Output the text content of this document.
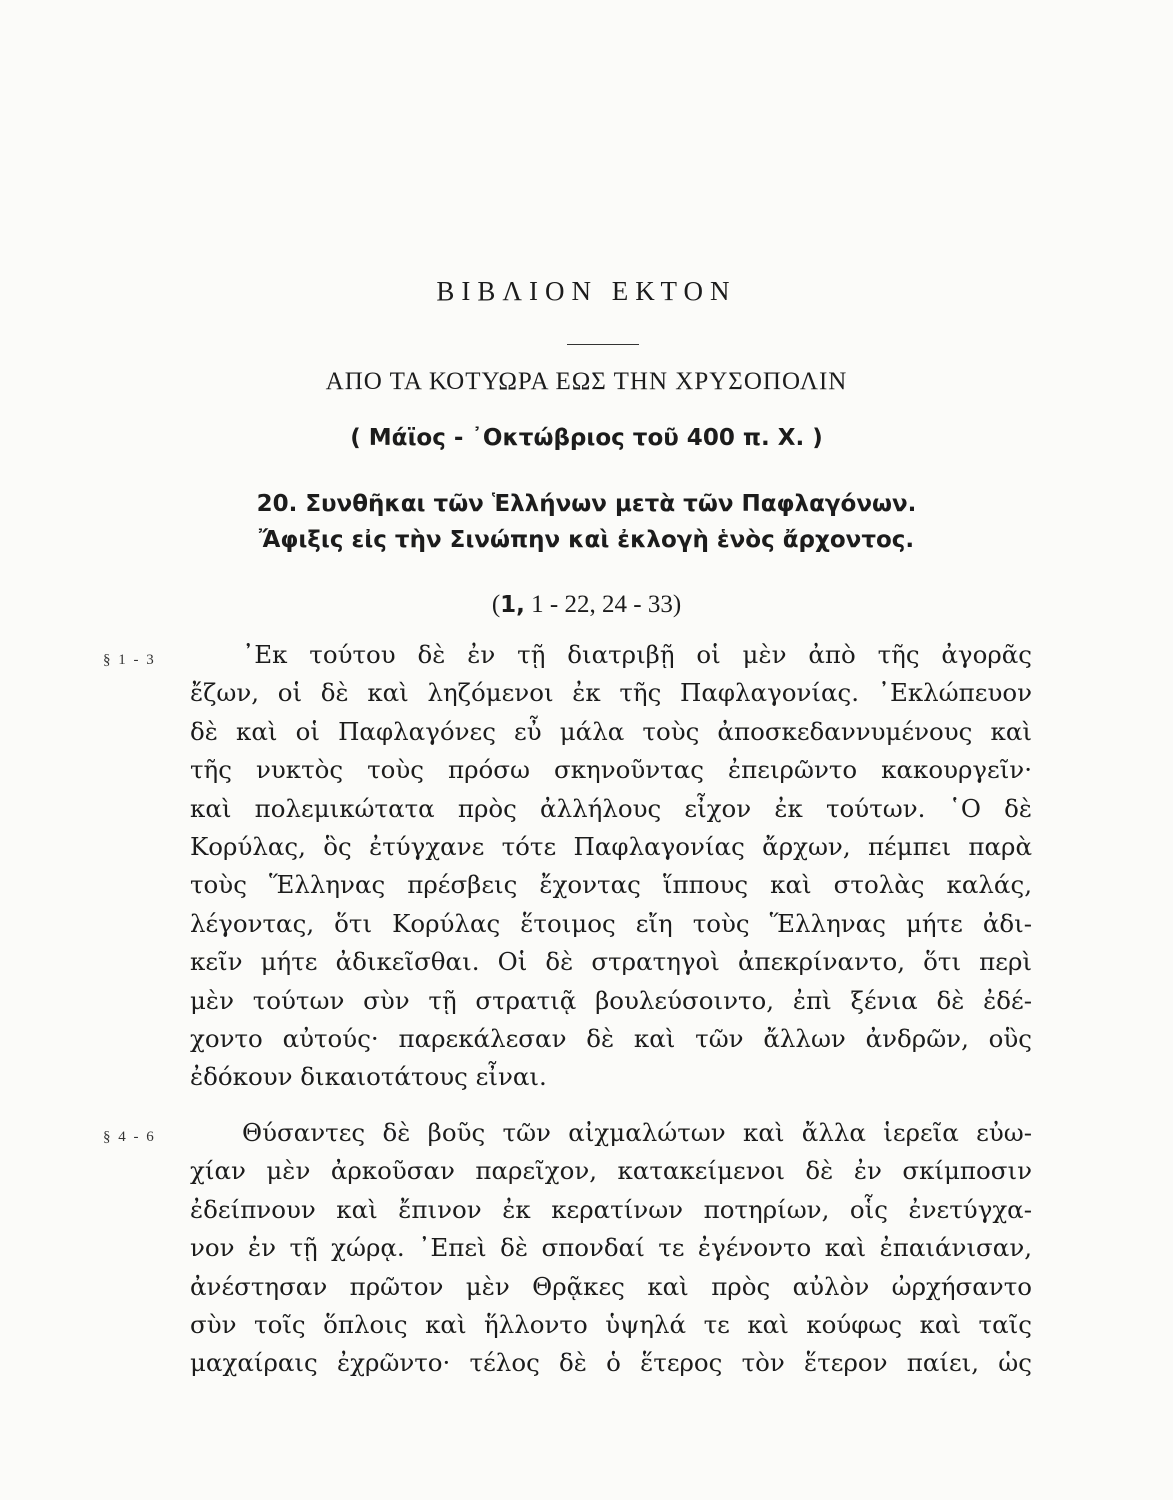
ΒΙΒΛΙΟΝ ΕΚΤΟΝ
ΑΠΟ ΤΑ ΚΟΤΥΩΡΑ ΕΩΣ ΤΗΝ ΧΡΥΣΟΠΟΛΙΝ
( Μάϊος - ᾿Οκτώβριος τοῦ 400 π. Χ. )
20. Συνθῆκαι τῶν Ἑλλήνων μετὰ τῶν Παφλαγόνων.
Ἄφιξις εἰς τὴν Σινώπην καὶ ἐκλογὴ ἑνὸς ἄρχοντος.
(1, 1 - 22, 24 - 33)
§ 1 - 3	᾿Εκ τούτου δὲ ἐν τῇ διατριβῇ οἱ μὲν ἀπὸ τῆς ἀγορᾶς
ἔζων, οἱ δὲ καὶ ληζόμενοι ἐκ τῆς Παφλαγονίας. ᾿Εκλώπευον
δὲ καὶ οἱ Παφλαγόνες εὖ μάλα τοὺς ἀποσκεδαννυμένους καὶ
τῆς νυκτὸς τοὺς πρόσω σκηνοῦντας ἐπειρῶντο κακουργεῖν·
καὶ πολεμικώτατα πρὸς ἀλλήλους εἶχον ἐκ τούτων. ῾Ο δὲ
Κορύλας, ὃς ἐτύγχανε τότε Παφλαγονίας ἄρχων, πέμπει παρὰ
τοὺς Ἕλληνας πρέσβεις ἔχοντας ἵππους καὶ στολὰς καλάς,
λέγοντας, ὅτι Κορύλας ἕτοιμος εἴη τοὺς Ἕλληνας μήτε ἀδι-
κεῖν μήτε ἀδικεῖσθαι. Οἱ δὲ στρατηγοὶ ἀπεκρίναντο, ὅτι περὶ
μὲν τούτων σὺν τῇ στρατιᾷ βουλεύσοιντο, ἐπὶ ξένια δὲ ἐδέ-
χοντο αὐτούς· παρεκάλεσαν δὲ καὶ τῶν ἄλλων ἀνδρῶν, οὓς
ἐδόκουν δικαιοτάτους εἶναι.
§ 4 - 6	Θύσαντες δὲ βοῦς τῶν αἰχμαλώτων καὶ ἄλλα ἱερεῖα εὐω-
χίαν μὲν ἀρκοῦσαν παρεῖχον, κατακείμενοι δὲ ἐν σκίμποσιν
ἐδείπνουν καὶ ἔπινον ἐκ κερατίνων ποτηρίων, οἷς ἐνετύγχα-
νον ἐν τῇ χώρᾳ. ᾿Επεὶ δὲ σπονδαί τε ἐγένοντο καὶ ἐπαιάνισαν,
ἀνέστησαν πρῶτον μὲν Θρᾷκες καὶ πρὸς αὐλὸν ὠρχήσαντο
σὺν τοῖς ὅπλοις καὶ ἥλλοντο ὑψηλά τε καὶ κούφως καὶ ταῖς
μαχαίραις ἐχρῶντο· τέλος δὲ ὁ ἕτερος τὸν ἕτερον παίει, ὡς
